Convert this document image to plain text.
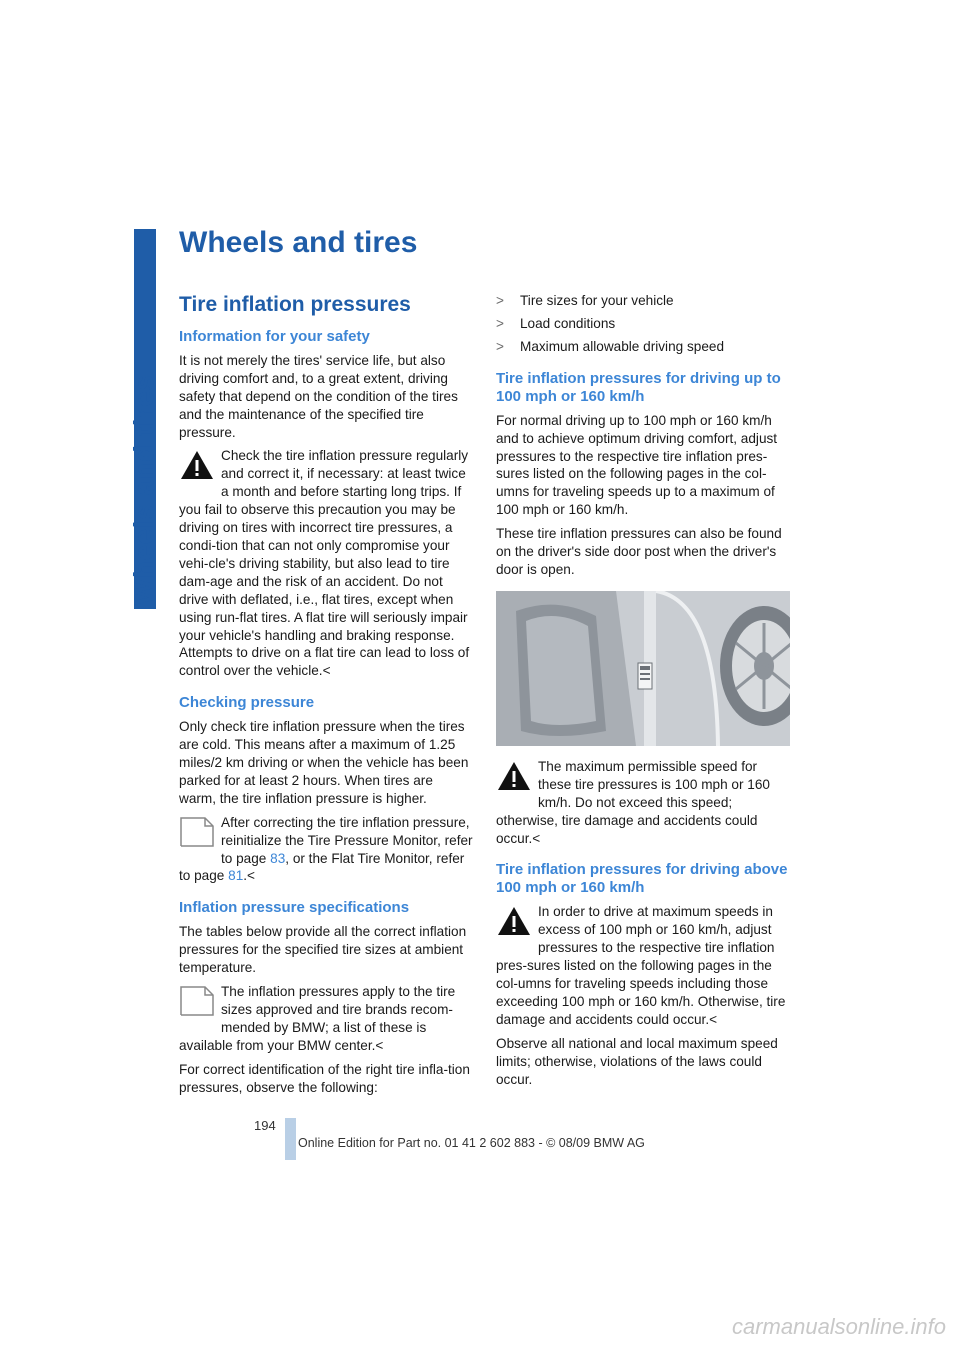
Wheels and tires
Wheels and tires
Tire inflation pressures
Information for your safety

It is not merely the tires' service life, but also driving comfort and, to a great extent, driving safety that depend on the condition of the tires and the maintenance of the specified tire pressure.

Check the tire inflation pressure regularly and correct it, if necessary: at least twice a month and before starting long trips. If you fail to observe this precaution you may be driving on tires with incorrect tire pressures, a condi-tion that can not only compromise your vehi-cle's driving stability, but also lead to tire dam-age and the risk of an accident. Do not drive with deflated, i.e., flat tires, except when using run-flat tires. A flat tire will seriously impair your vehicle's handling and braking response. Attempts to drive on a flat tire can lead to loss of control over the vehicle.<
Checking pressure

Only check tire inflation pressure when the tires are cold. This means after a maximum of 1.25 miles/2 km driving or when the vehicle has been parked for at least 2 hours. When tires are warm, the tire inflation pressure is higher.

After correcting the tire inflation pressure, reinitialize the Tire Pressure Monitor, refer to page 83, or the Flat Tire Monitor, refer to page 81.<
Inflation pressure specifications

The tables below provide all the correct inflation pressures for the specified tire sizes at ambient temperature.

The inflation pressures apply to the tire sizes approved and tire brands recom-mended by BMW; a list of these is available from your BMW center.<

For correct identification of the right tire infla-tion pressures, observe the following:

> Tire sizes for your vehicle
> Load conditions
> Maximum allowable driving speed
Tire inflation pressures for driving up to 100 mph or 160 km/h

For normal driving up to 100 mph or 160 km/h and to achieve optimum driving comfort, adjust pressures to the respective tire inflation pres-sures listed on the following pages in the col-umns for traveling speeds up to a maximum of 100 mph or 160 km/h.

These tire inflation pressures can also be found on the driver's side door post when the driver's door is open.

The maximum permissible speed for these tire pressures is 100 mph or 160 km/h. Do not exceed this speed; otherwise, tire damage and accidents could occur.<
Tire inflation pressures for driving above 100 mph or 160 km/h
In order to drive at maximum speeds in excess of 100 mph or 160 km/h, adjust pressures to the respective tire inflation pres-sures listed on the following pages in the col-umns for traveling speeds including those exceeding 100 mph or 160 km/h. Otherwise, tire damage and accidents could occur.<

Observe all national and local maximum speed limits; otherwise, violations of the laws could occur.

194
Online Edition for Part no. 01 41 2 602 883 - © 08/09 BMW AG
carmanualsonline.info
